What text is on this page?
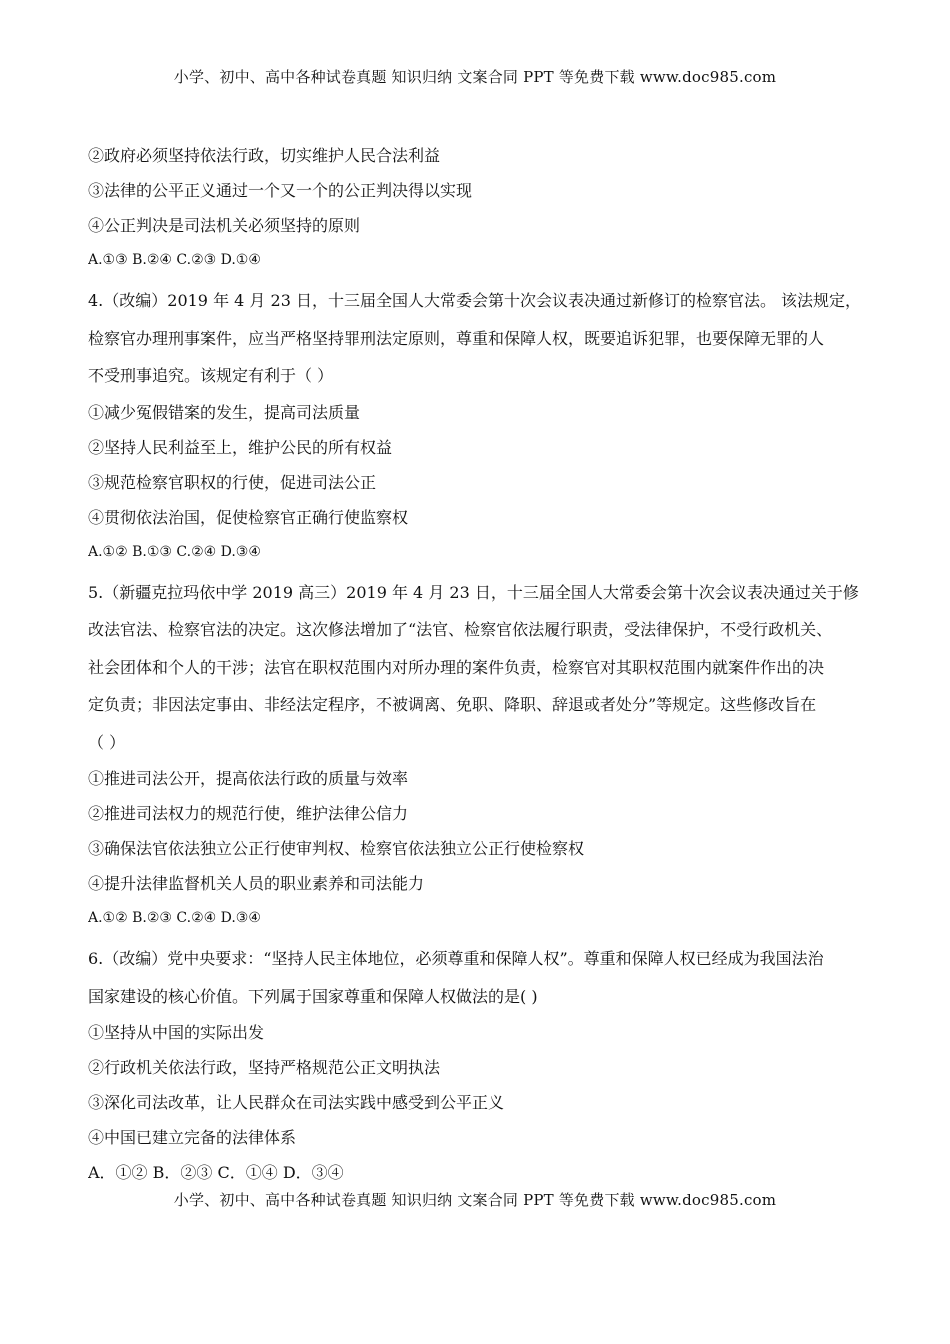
小学、初中、高中各种试卷真题 知识归纳 文案合同 PPT 等免费下载 www.doc985.com
②政府必须坚持依法行政，切实维护人民合法利益
③法律的公平正义通过一个又一个的公正判决得以实现
④公正判决是司法机关必须坚持的原则
A.①③ B.②④ C.②③ D.①④
4.（改编）2019 年 4 月 23 日，十三届全国人大常委会第十次会议表决通过新修订的检察官法。 该法规定，
检察官办理刑事案件，应当严格坚持罪刑法定原则，尊重和保障人权，既要追诉犯罪，也要保障无罪的人
不受刑事追究。该规定有利于（ ）
①减少冤假错案的发生，提高司法质量
②坚持人民利益至上，维护公民的所有权益
③规范检察官职权的行使，促进司法公正
④贯彻依法治国，促使检察官正确行使监察权
A.①② B.①③ C.②④ D.③④
5.（新疆克拉玛依中学 2019 高三）2019 年 4 月 23 日，十三届全国人大常委会第十次会议表决通过关于修
改法官法、检察官法的决定。这次修法增加了“法官、检察官依法履行职责，受法律保护，不受行政机关、
社会团体和个人的干涉；法官在职权范围内对所办理的案件负责，检察官对其职权范围内就案件作出的决
定负责；非因法定事由、非经法定程序，不被调离、免职、降职、辞退或者处分”等规定。这些修改旨在
（ ）
①推进司法公开，提高依法行政的质量与效率
②推进司法权力的规范行使，维护法律公信力
③确保法官依法独立公正行使审判权、检察官依法独立公正行使检察权
④提升法律监督机关人员的职业素养和司法能力
A.①② B.②③ C.②④ D.③④
6.（改编）党中央要求：“坚持人民主体地位，必须尊重和保障人权”。尊重和保障人权已经成为我国法治
国家建设的核心价值。下列属于国家尊重和保障人权做法的是( )
①坚持从中国的实际出发
②行政机关依法行政，坚持严格规范公正文明执法
③深化司法改革，让人民群众在司法实践中感受到公平正义
④中国已建立完备的法律体系
A．①② B．②③ C．①④ D．③④
小学、初中、高中各种试卷真题 知识归纳 文案合同 PPT 等免费下载 www.doc985.com
